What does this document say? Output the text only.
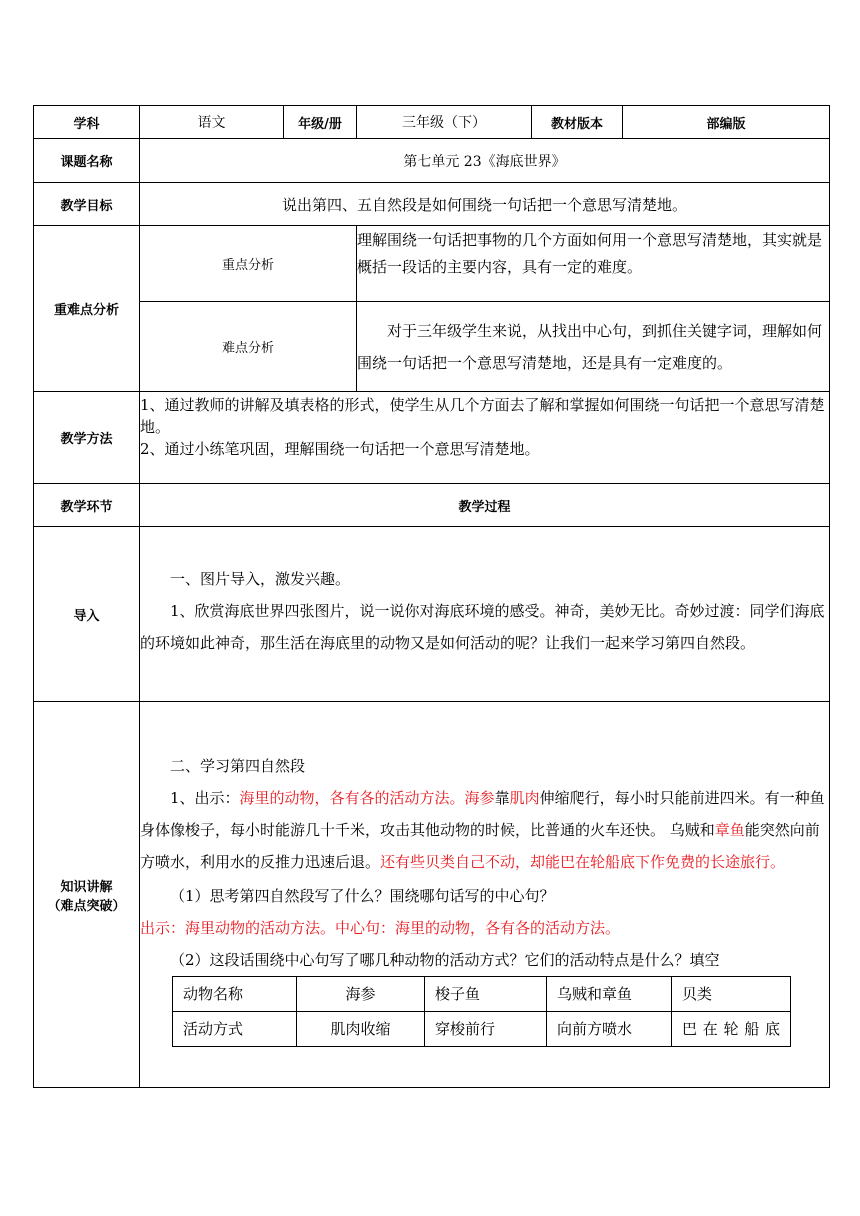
学科	语文	年级/册	三年级（下）	教材版本	部编版
课题名称	第七单元 23《海底世界》
教学目标	说出第四、五自然段是如何围绕一句话把一个意思写清楚地。
重难点分析	重点分析	理解围绕一句话把事物的几个方面如何用一个意思写清楚地，其实就是概括一段话的主要内容，具有一定的难度。
难点分析	对于三年级学生来说，从找出中心句，到抓住关键字词，理解如何围绕一句话把一个意思写清楚地，还是具有一定难度的。
教学方法	
1、通过教师的讲解及填表格的形式，使学生从几个方面去了解和掌握如何围绕一句话把一个意思写清楚地。
2、通过小练笔巩固，理解围绕一句话把一个意思写清楚地。

教学环节	教学过程
导入	
一、图片导入，激发兴趣。
1、欣赏海底世界四张图片，说一说你对海底环境的感受。神奇，美妙无比。奇妙过渡：同学们海底的环境如此神奇，那生活在海底里的动物又是如何活动的呢？让我们一起来学习第四自然段。

知识讲解
（难点突破）

二、学习第四自然段
1、出示：海里的动物，各有各的活动方法。海参靠肌肉伸缩爬行，每小时只能前进四米。有一种鱼身体像梭子，每小时能游几十千米，攻击其他动物的时候，比普通的火车还快。 乌贼和章鱼能突然向前方喷水，利用水的反推力迅速后退。还有些贝类自己不动，却能巴在轮船底下作免费的长途旅行。
（1）思考第四自然段写了什么？围绕哪句话写的中心句？
出示：海里动物的活动方法。中心句：海里的动物，各有各的活动方法。
（2）这段话围绕中心句写了哪几种动物的活动方式？它们的活动特点是什么？填空
动物名称	海参	梭子鱼	乌贼和章鱼	贝类
活动方式	肌肉收缩	穿梭前行	向前方喷水	巴在轮船底
